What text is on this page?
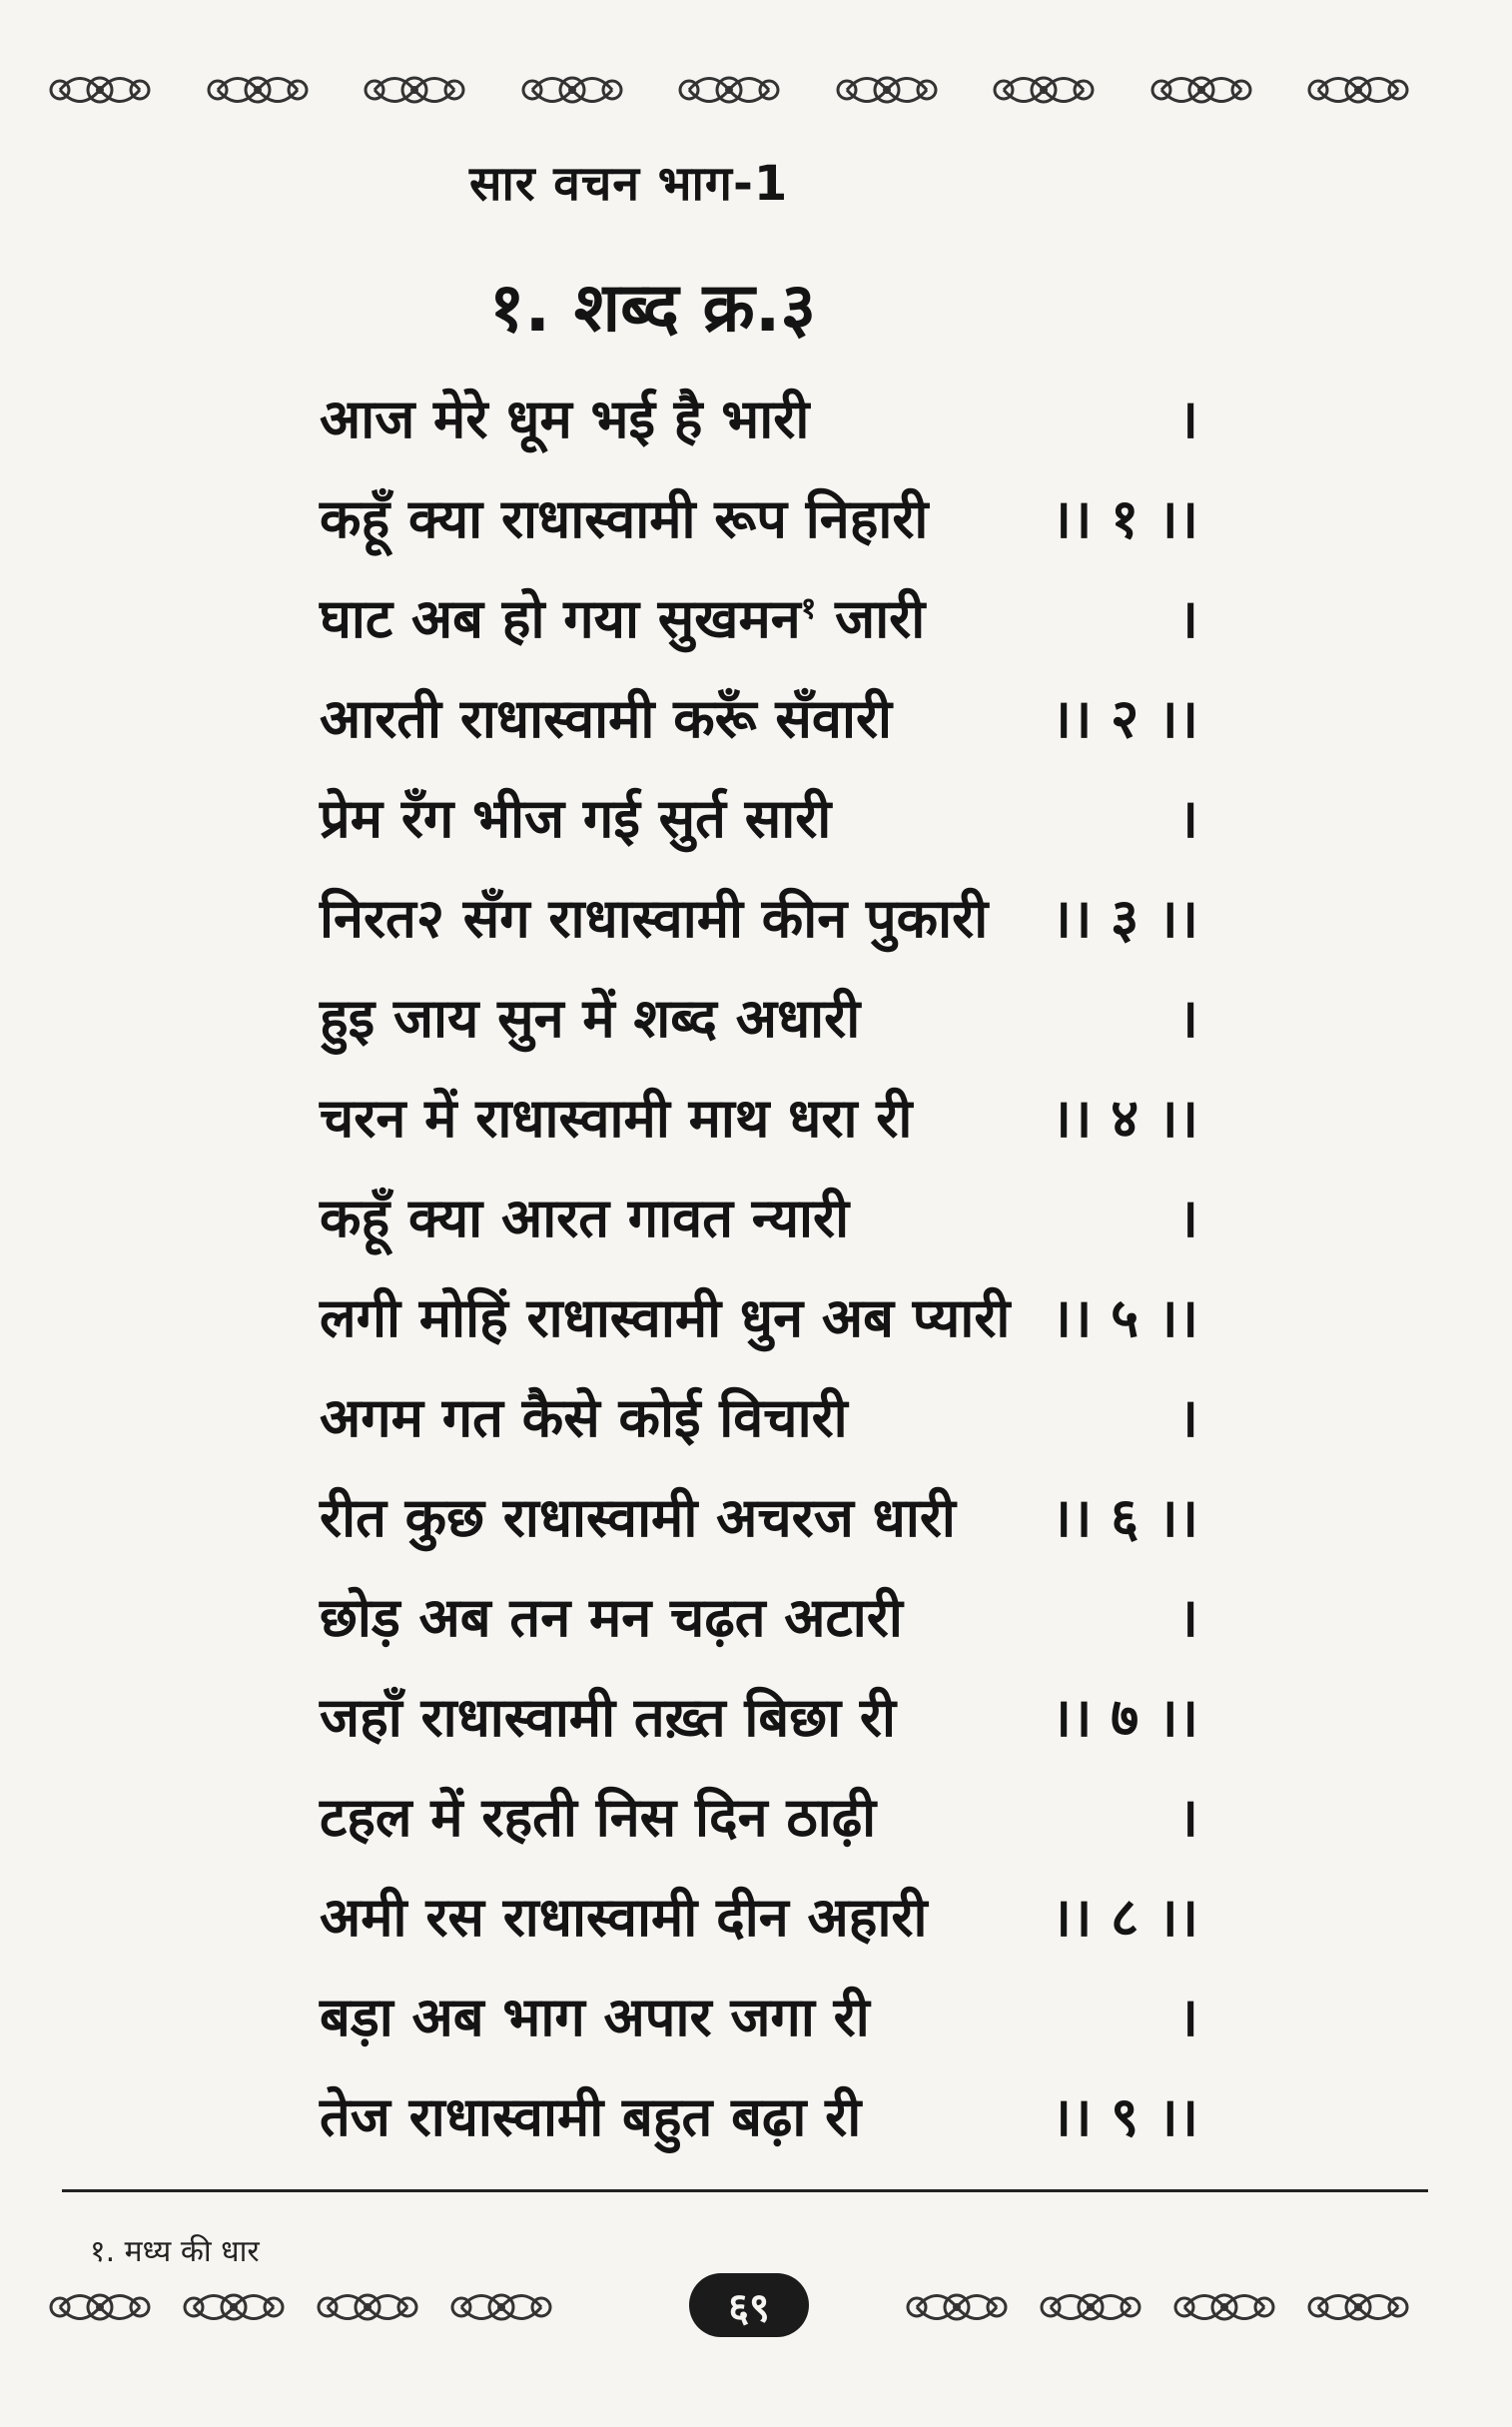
सार वचन भाग-1
१. शब्द क्र.३
आज मेरे धूम भई है भारी	।
कहूँ क्या राधास्वामी रूप निहारी ।। १ ।।
घाट अब हो गया सुखमन$^१$ जारी	।
आरती राधास्वामी करूँ सँवारी	।। २ ।।
प्रेम रँग भीज गई सुर्त सारी	।
निरत२ सँग राधास्वामी कीन पुकारी ।। ३ ।।
हुइ जाय सुन में शब्द अधारी	।
चरन में राधास्वामी माथ धरा री	।। ४ ।।
कहूँ क्या आरत गावत न्यारी	।
लगी मोहिं राधास्वामी धुन अब प्यारी ।। ५ ।।
अगम गत कैसे कोई विचारी	।
रीत कुछ राधास्वामी अचरज धारी ।। ६ ।।
छोड़ अब तन मन चढ़त अटारी	।
जहाँ राधास्वामी तख़्त बिछा री	।। ७ ।।
टहल में रहती निस दिन ठाढ़ी	।
अमी रस राधास्वामी दीन अहारी ।। ८ ।।
बड़ा अब भाग अपार जगा री	।
तेज राधास्वामी बहुत बढ़ा री	।। ९ ।।
१. मध्य की धार
६९
